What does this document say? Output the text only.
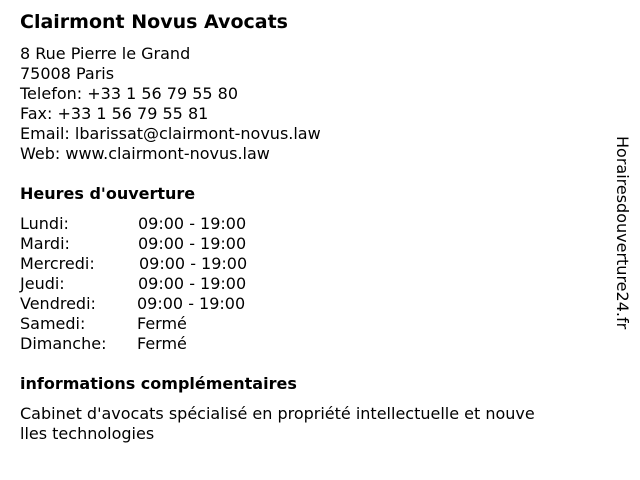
Clairmont Novus Avocats
8 Rue Pierre le Grand
75008 Paris
Telefon: +33 1 56 79 55 80
Fax: +33 1 56 79 55 81
Email: lbarissat@clairmont-novus.law
Web: www.clairmont-novus.law
Heures d'ouverture
Lundi:	09:00 - 19:00
Mardi:	09:00 - 19:00
Mercredi:	09:00 - 19:00
Jeudi:	09:00 - 19:00
Vendredi:	09:00 - 19:00
Samedi:	Fermé
Dimanche: Fermé
informations complémentaires
Cabinet d'avocats spécialisé en propriété intellectuelle et nouve
lles technologies
Horairesdouverture24.fr
